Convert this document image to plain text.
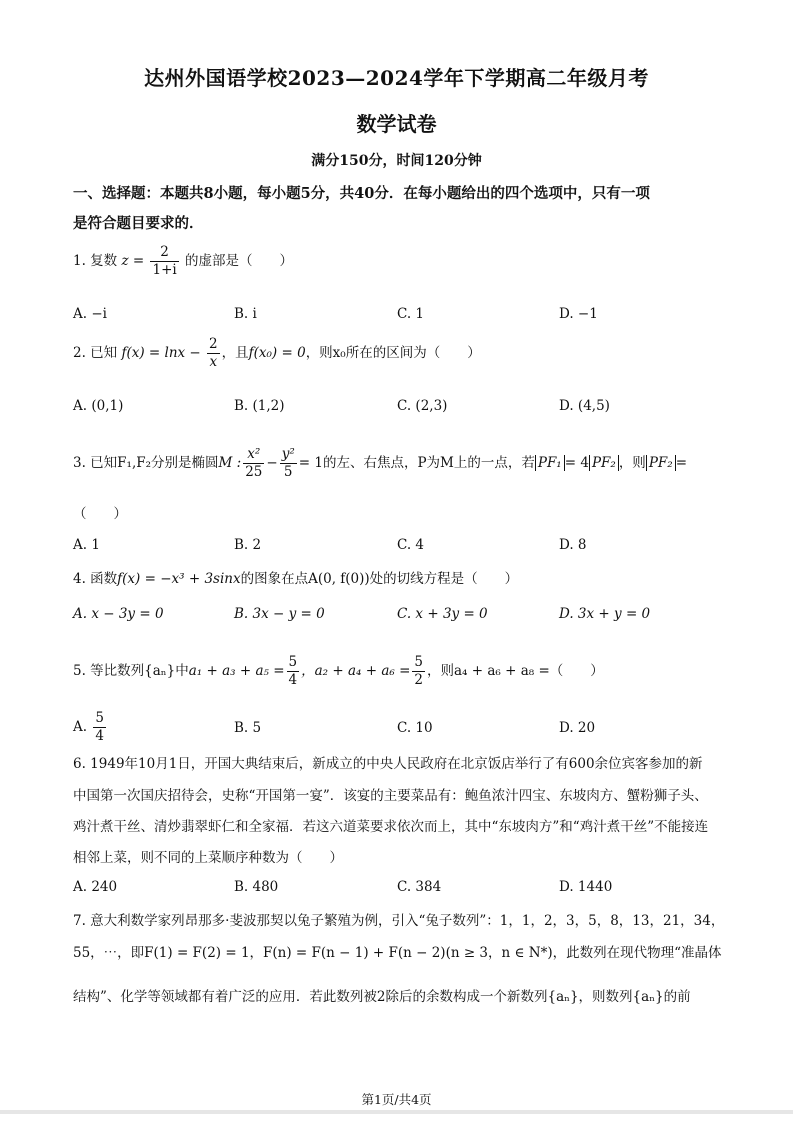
达州外国语学校2023—2024学年下学期高二年级月考
数学试卷
满分150分，时间120分钟
一、选择题：本题共8小题，每小题5分，共40分．在每小题给出的四个选项中，只有一项
是符合题目要求的．
1. 复数 $z = \frac{2}{1+i}$ 的虚部是（　　）
A. −i	B. i	C. 1	D. −1
2. 已知 $f(x) = \ln x - \frac{2}{x}$ ，且f(x₀) = 0，则x₀所在的区间为（　　）
A. (0,1)	B. (1,2)	C. (2,3)	D. (4,5)
3. 已知F₁,F₂分别是椭圆M : $\frac{\text{x²}}{25} - \frac{\text{y²}}{5} = 1$的左、右焦点，P为M上的一点，若 PF₁ = 4 PF₂ ，则 PF₂ =
（　　）
A. 1	B. 2	C. 4	D. 8
4. 函数f(x) = −x³ + 3sinx的图象在点A(0, f(0))处的切线方程是（　　）
A. x − 3y = 0	B. 3x − y = 0	C. x + 3y = 0	D. 3x + y = 0
5. 等比数列{aₙ}中$a_1 + a_3 + a_5 = \frac{5}{4}$ ，$a_2 + a_4 + a_6 = \frac{5}{2}$ ，则a₄ + a₆ + a₈ =（　　）
A. $\frac{5}{4}$	B. 5	C. 10	D. 20
6. 1949年10月1日，开国大典结束后，新成立的中央人民政府在北京饭店举行了有600余位宾客参加的新
中国第一次国庆招待会，史称“开国第一宴”．该宴的主要菜品有：鲍鱼浓汁四宝、东坡肉方、蟹粉狮子头、
鸡汁煮干丝、清炒翡翠虾仁和全家福．若这六道菜要求依次而上，其中“东坡肉方”和“鸡汁煮干丝”不能接连
相邻上菜，则不同的上菜顺序种数为（　　）
A. 240	B. 480	C. 384	D. 1440
7. 意大利数学家列昂那多·斐波那契以兔子繁殖为例，引入“兔子数列”：1，1，2，3，5，8，13，21，34，
55，⋯，即F(1) = F(2) = 1，F(n) = F(n − 1) + F(n − 2)(n ≥ 3，n ∈ N*)，此数列在现代物理“准晶体
结构”、化学等领域都有着广泛的应用．若此数列被2除后的余数构成一个新数列{aₙ}，则数列{aₙ}的前
第1页/共4页
